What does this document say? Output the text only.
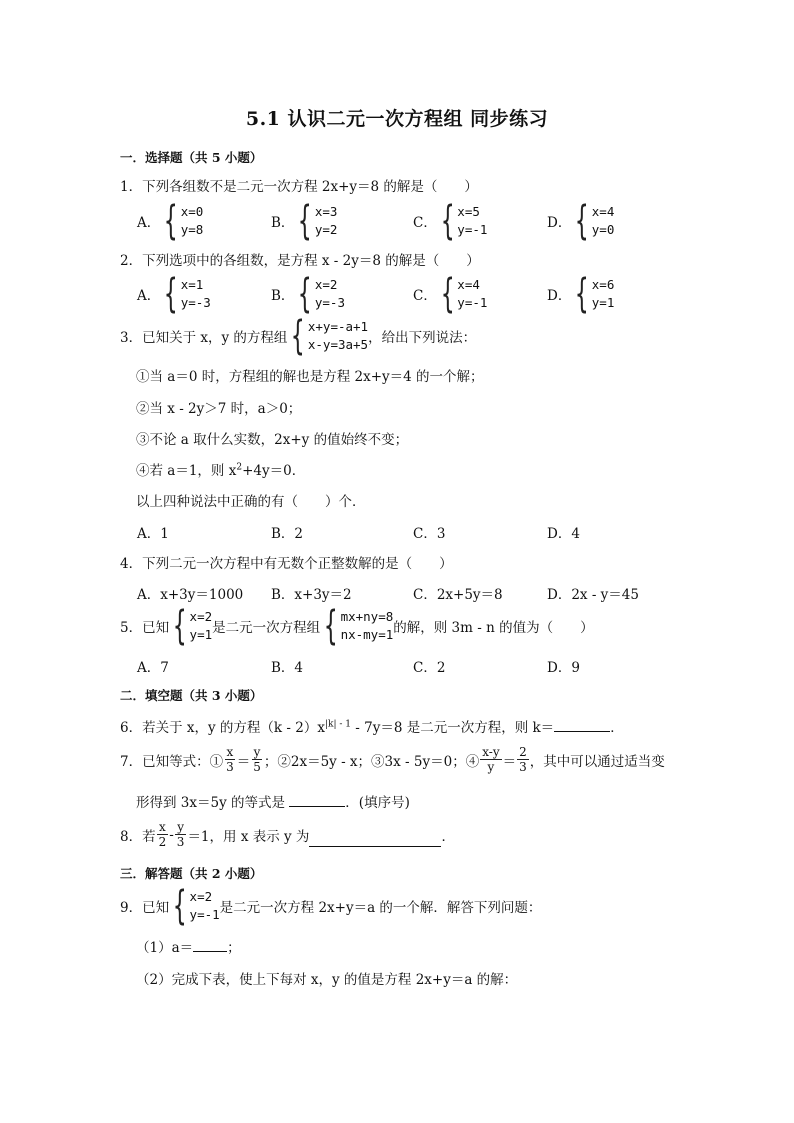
5.1 认识二元一次方程组 同步练习
一．选择题（共 5 小题）
1．下列各组数不是二元一次方程 2x+y＝8 的解是（　　）
A． { x=0
y=8	B． { x=3
y=2	C． { x=5
y=-1	D． { x=4
y=0
2．下列选项中的各组数，是方程 x - 2y＝8 的解是（　　）
A． { x=1
y=-3	B． { x=2
y=-3	C． { x=4
y=-1	D． { x=6
y=1
3．已知关于 x，y 的方程组 { x+y=-a+1
x-y=3a+5 ，给出下列说法：
①当 a＝0 时，方程组的解也是方程 2x+y＝4 的一个解；
②当 x - 2y＞7 时，a＞0；
③不论 a 取什么实数，2x+y 的值始终不变；
④若 a＝1，则 $x^2+4y=0$．
以上四种说法中正确的有（　　）个．
A．1	B．2	C．3	D．4
4．下列二元一次方程中有无数个正整数解的是（　　）
A．x+3y＝1000 B．x+3y＝2	C．2x+5y＝8	D．2x - y＝45
5．已知 { x=2
y=1 是二元一次方程组 { mx+ny=8
nx-my=1 的解，则 3m - n 的值为（　　）
A．7	B．4	C．2	D．9
二．填空题（共 3 小题）
6．若关于 x，y 的方程$(k - 2)x^{|k| - 1} - 7y=8$ 是二元一次方程，则 k＝	．
7．已知等式：① $\frac{x}{3} = \frac{y}{5}$ ；②2x＝5y - x；③3x - 5y＝0；④ $\frac{x-y}{y} = \frac{2}{3}$ ，其中可以通过适当变
形得到 3x＝5y 的等式是	．(填序号)
8．若 $\frac{x}{2} - \frac{y}{3} =1$，用 x 表示 y 为	．
三．解答题（共 2 小题）
9．已知 { x=2
y=-1 是二元一次方程 2x+y＝a 的一个解．解答下列问题：
（1）a＝	；
（2）完成下表，使上下每对 x，y 的值是方程 2x+y＝a 的解：
